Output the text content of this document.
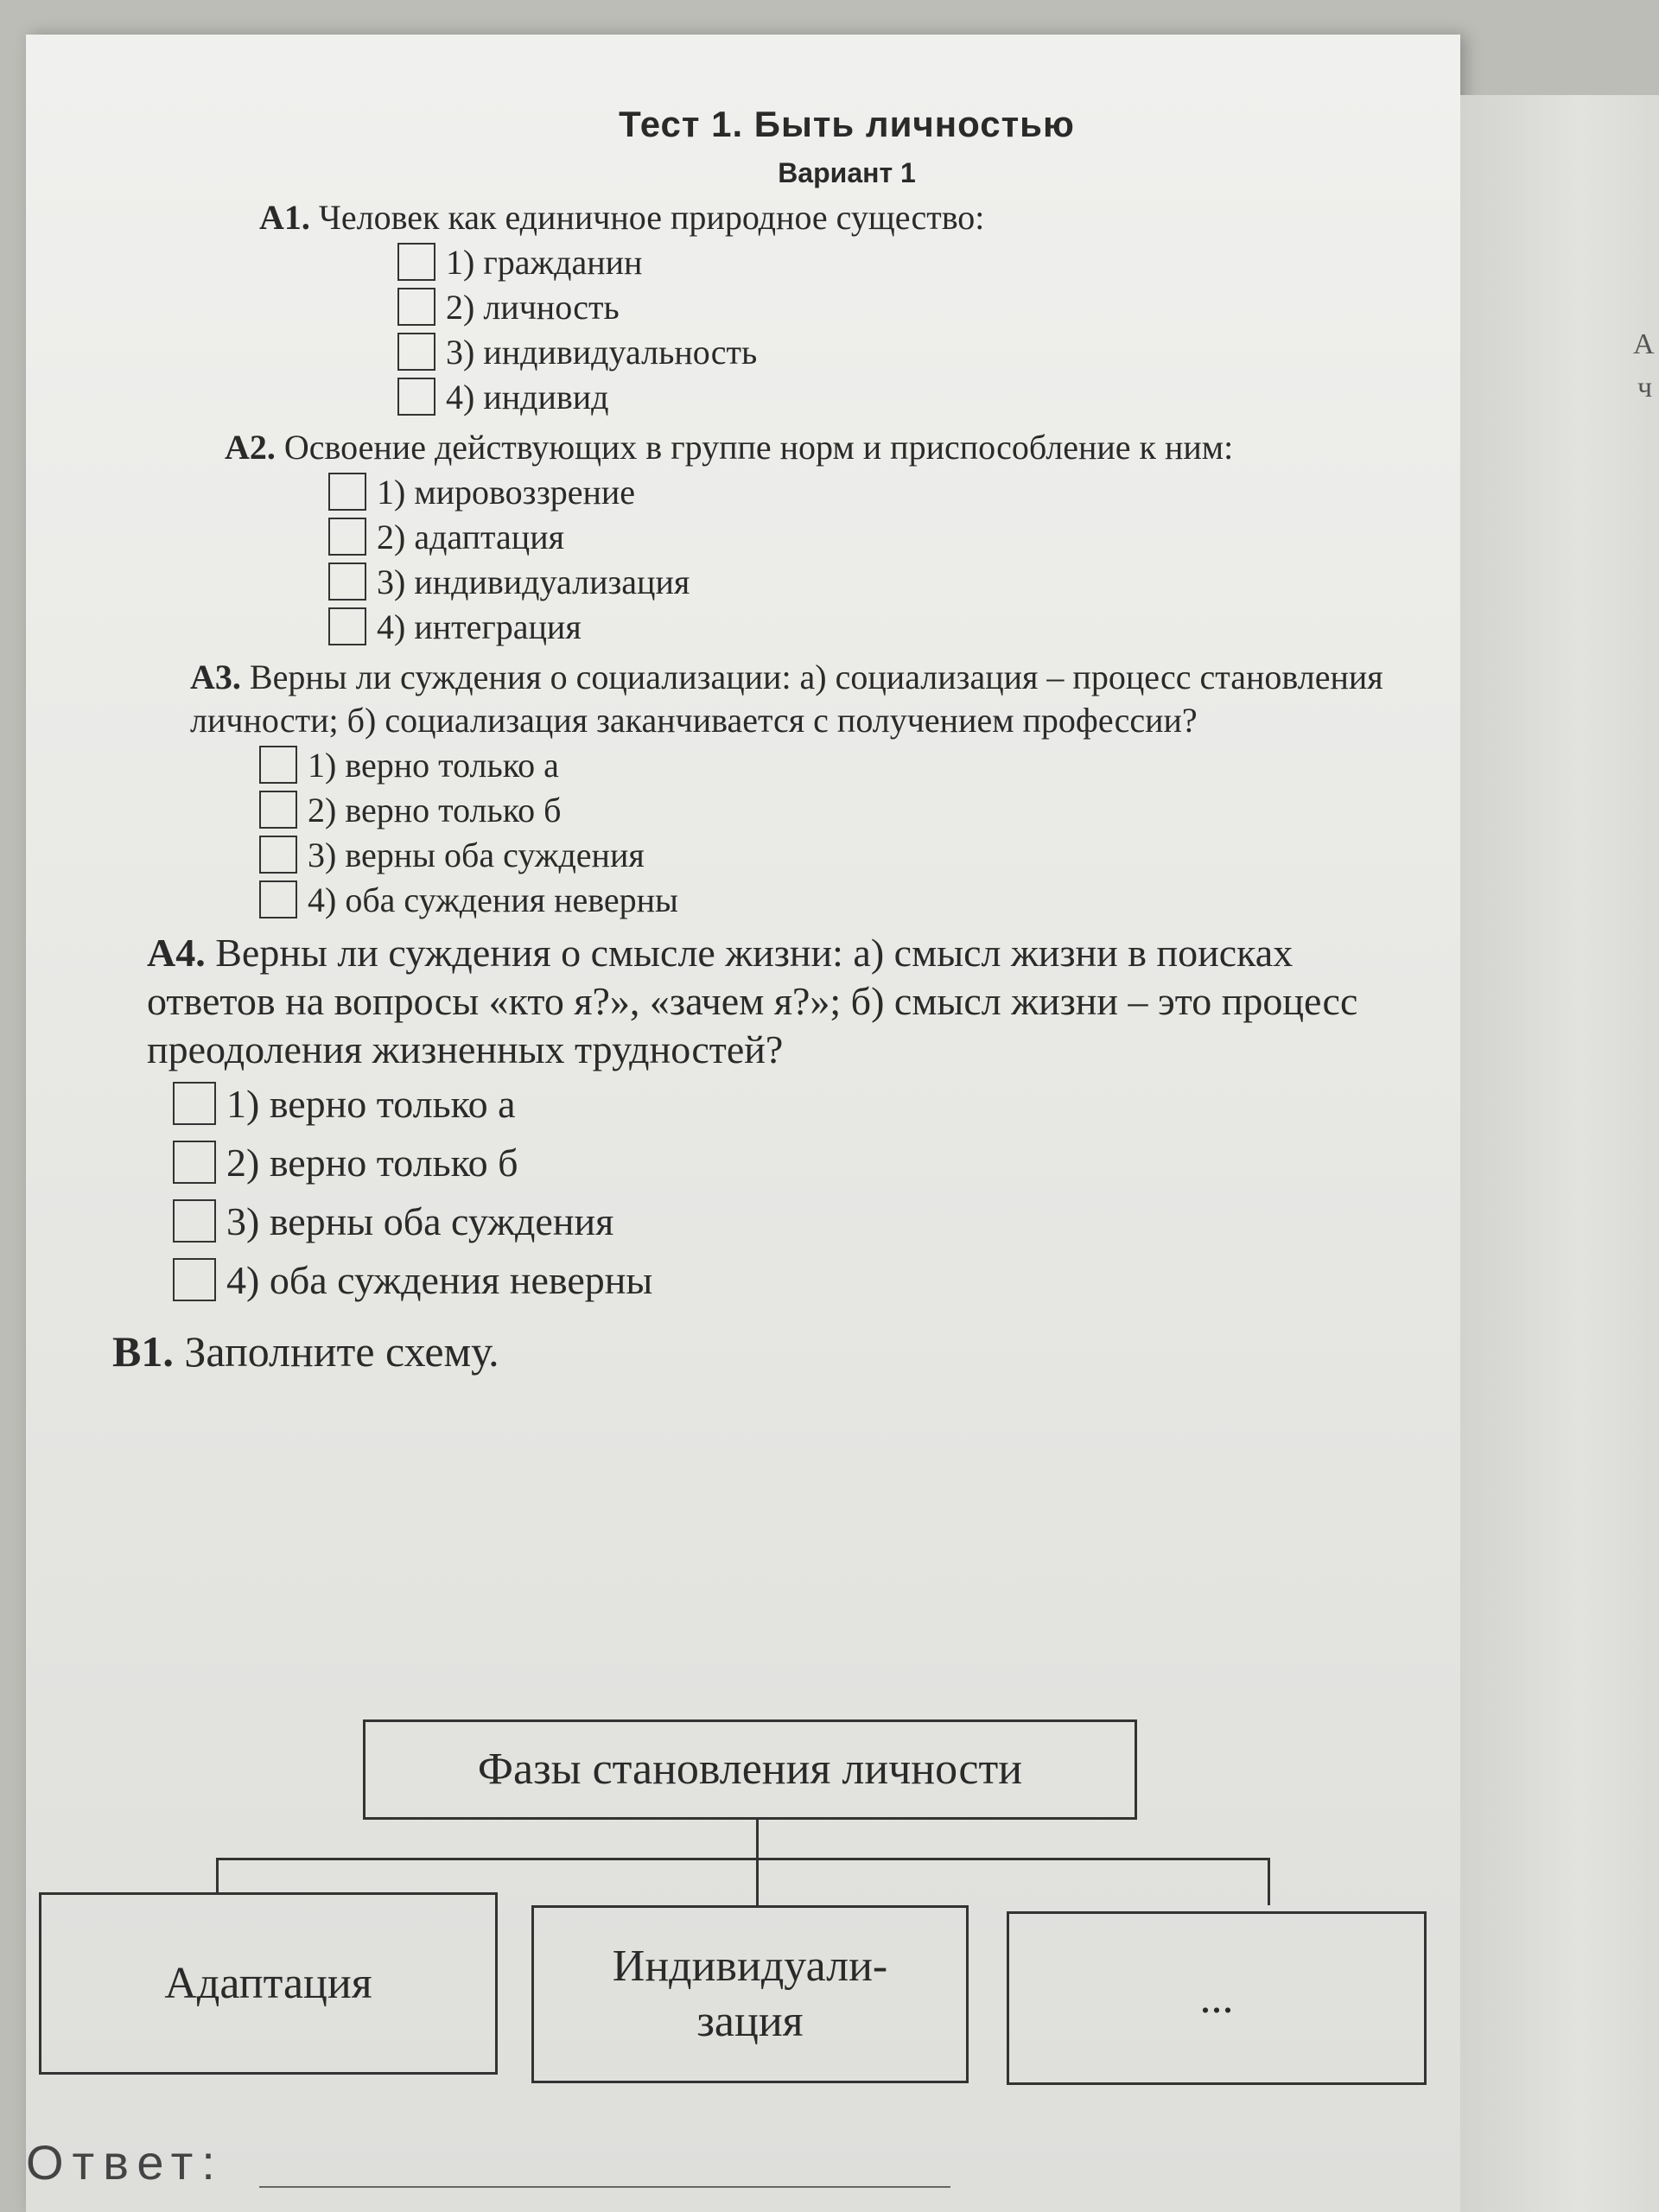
А
ч
Тест 1. Быть личностью
Вариант 1
А1. Человек как единичное природное существо:
1) гражданин
2) личность
3) индивидуальность
4) индивид
А2. Освоение действующих в группе норм и приспособление к ним:
1) мировоззрение
2) адаптация
3) индивидуализация
4) интеграция
А3. Верны ли суждения о социализации: а) социализация – процесс становления личности; б) социализация заканчивается с получением профессии?
1) верно только а
2) верно только б
3) верны оба суждения
4) оба суждения неверны
А4. Верны ли суждения о смысле жизни: а) смысл жизни в поисках ответов на вопросы «кто я?», «зачем я?»; б) смысл жизни – это процесс преодоления жизненных трудностей?
1) верно только а
2) верно только б
3) верны оба суждения
4) оба суждения неверны
В1. Заполните схему.
Фазы становления личности
Адаптация	Индивидуали-
зация	...
Ответ:
